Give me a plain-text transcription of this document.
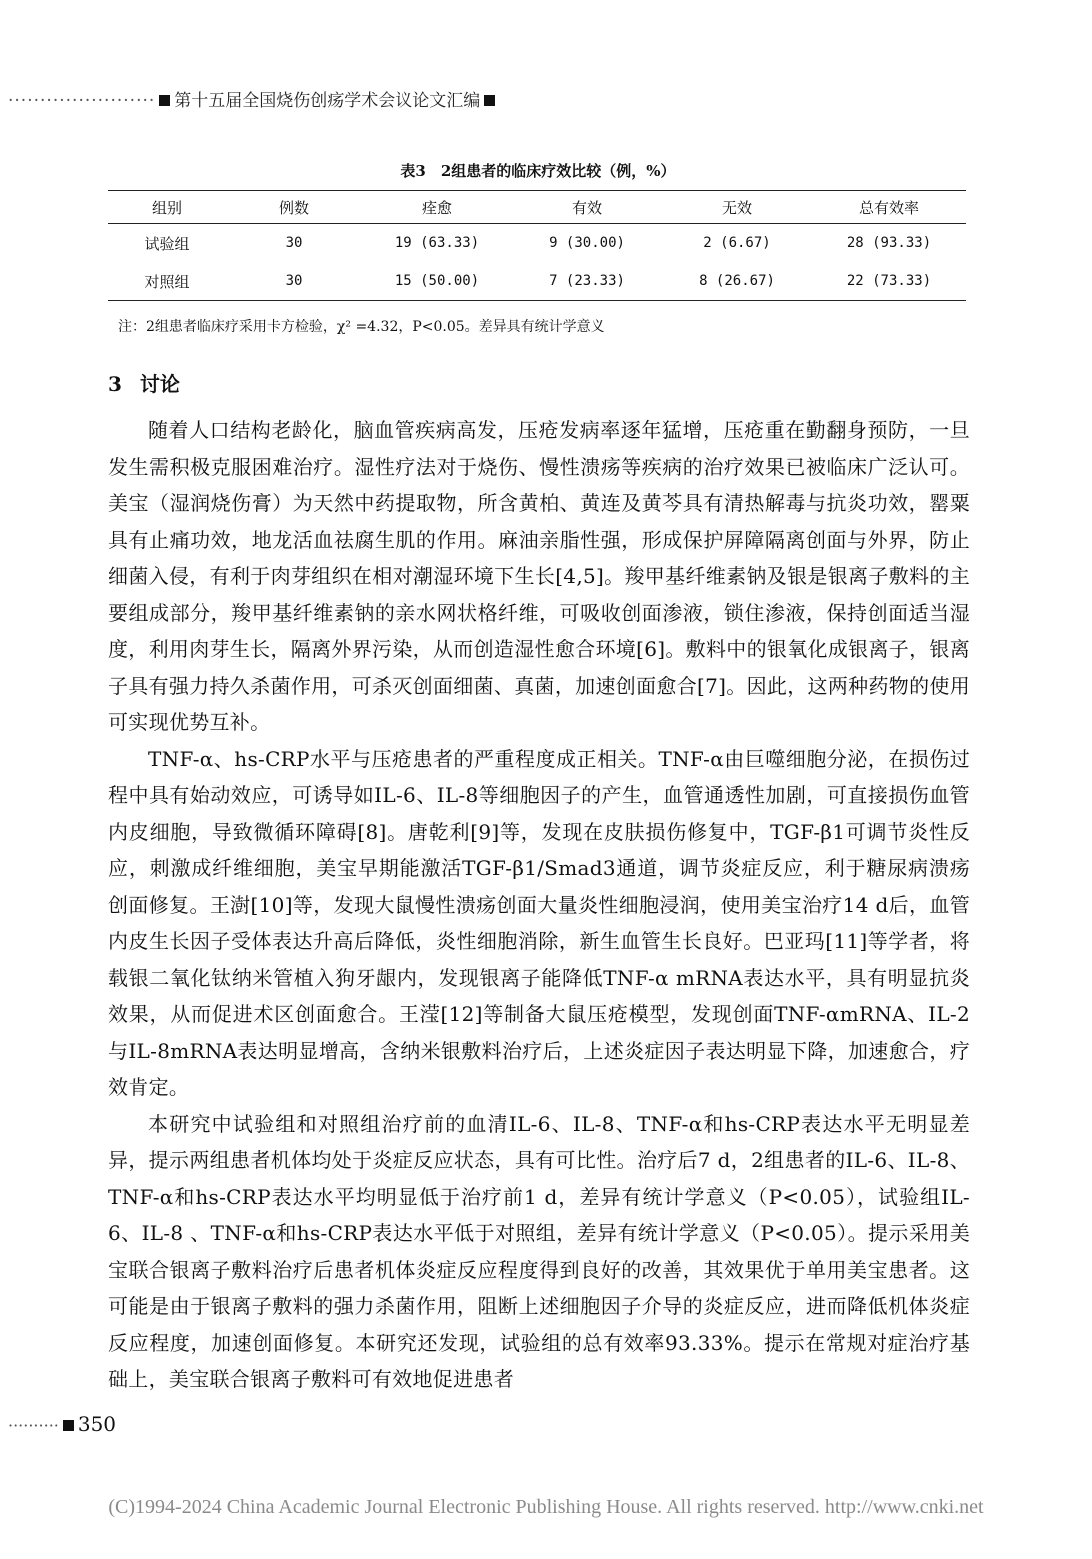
······················· 第十五届全国烧伤创疡学术会议论文汇编
表3　2组患者的临床疗效比较（例，%）
组别	例数	痊愈	有效	无效	总有效率
试验组	30	19 (63.33)	9 (30.00)	2 (6.67)	28 (93.33)
对照组	30	15 (50.00)	7 (23.33)	8 (26.67)	22 (73.33)
注：2组患者临床疗采用卡方检验，χ² =4.32，P<0.05。差异具有统计学意义
3 讨论

随着人口结构老龄化，脑血管疾病高发，压疮发病率逐年猛增，压疮重在勤翻身预防，一旦发生需积极克服困难治疗。湿性疗法对于烧伤、慢性溃疡等疾病的治疗效果已被临床广泛认可。美宝（湿润烧伤膏）为天然中药提取物，所含黄柏、黄连及黄芩具有清热解毒与抗炎功效，罂粟具有止痛功效，地龙活血祛腐生肌的作用。麻油亲脂性强，形成保护屏障隔离创面与外界，防止细菌入侵，有利于肉芽组织在相对潮湿环境下生长[4,5]。羧甲基纤维素钠及银是银离子敷料的主要组成部分，羧甲基纤维素钠的亲水网状格纤维，可吸收创面渗液，锁住渗液，保持创面适当湿度，利用肉芽生长，隔离外界污染，从而创造湿性愈合环境[6]。敷料中的银氧化成银离子，银离子具有强力持久杀菌作用，可杀灭创面细菌、真菌，加速创面愈合[7]。因此，这两种药物的使用可实现优势互补。

TNF-α、hs-CRP水平与压疮患者的严重程度成正相关。TNF-α由巨噬细胞分泌，在损伤过程中具有始动效应，可诱导如IL-6、IL-8等细胞因子的产生，血管通透性加剧，可直接损伤血管内皮细胞，导致微循环障碍[8]。唐乾利[9]等，发现在皮肤损伤修复中，TGF-β1可调节炎性反应，刺激成纤维细胞，美宝早期能激活TGF-β1/Smad3通道，调节炎症反应，利于糖尿病溃疡创面修复。王澍[10]等，发现大鼠慢性溃疡创面大量炎性细胞浸润，使用美宝治疗14 d后，血管内皮生长因子受体表达升高后降低，炎性细胞消除，新生血管生长良好。巴亚玛[11]等学者，将载银二氧化钛纳米管植入狗牙龈内，发现银离子能降低TNF-α mRNA表达水平，具有明显抗炎效果，从而促进术区创面愈合。王滢[12]等制备大鼠压疮模型，发现创面TNF-αmRNA、IL-2与IL-8mRNA表达明显增高，含纳米银敷料治疗后，上述炎症因子表达明显下降，加速愈合，疗效肯定。

本研究中试验组和对照组治疗前的血清IL-6、IL-8、TNF-α和hs-CRP表达水平无明显差异，提示两组患者机体均处于炎症反应状态，具有可比性。治疗后7 d，2组患者的IL-6、IL-8、TNF-α和hs-CRP表达水平均明显低于治疗前1 d，差异有统计学意义（P<0.05），试验组IL-6、IL-8 、TNF-α和hs-CRP表达水平低于对照组，差异有统计学意义（P<0.05）。提示采用美宝联合银离子敷料治疗后患者机体炎症反应程度得到良好的改善，其效果优于单用美宝患者。这可能是由于银离子敷料的强力杀菌作用，阻断上述细胞因子介导的炎症反应，进而降低机体炎症反应程度，加速创面修复。本研究还发现，试验组的总有效率93.33%。提示在常规对症治疗基础上，美宝联合银离子敷料可有效地促进患者

·········· 350
(C)1994-2024 China Academic Journal Electronic Publishing House. All rights reserved. http://www.cnki.net
